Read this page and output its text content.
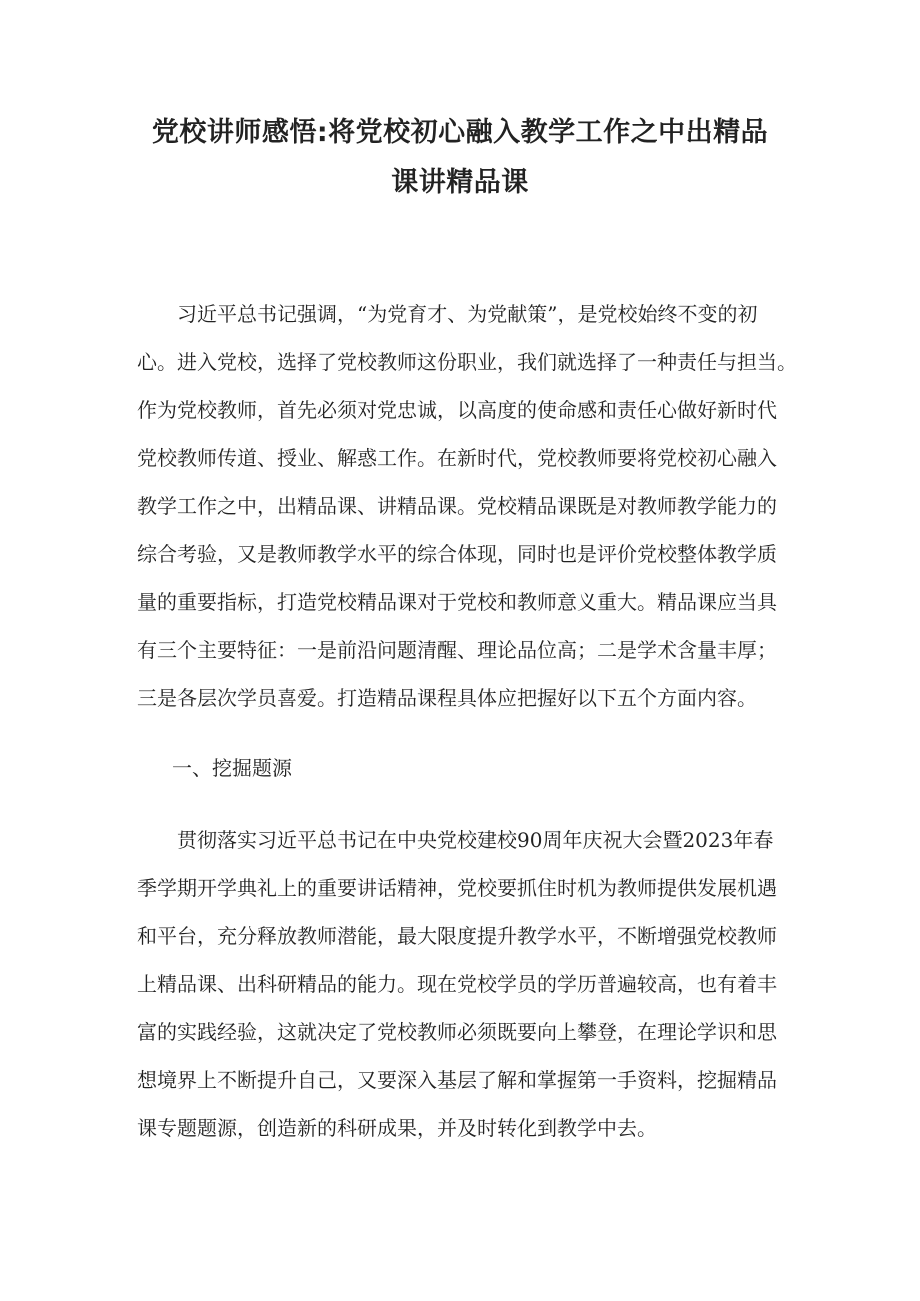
党校讲师感悟:将党校初心融入教学工作之中出精品
课讲精品课
　　习近平总书记强调，“为党育才、为党献策”，是党校始终不变的初
心。进入党校，选择了党校教师这份职业，我们就选择了一种责任与担当。
作为党校教师，首先必须对党忠诚，以高度的使命感和责任心做好新时代
党校教师传道、授业、解惑工作。在新时代，党校教师要将党校初心融入
教学工作之中，出精品课、讲精品课。党校精品课既是对教师教学能力的
综合考验，又是教师教学水平的综合体现，同时也是评价党校整体教学质
量的重要指标，打造党校精品课对于党校和教师意义重大。精品课应当具
有三个主要特征：一是前沿问题清醒、理论品位高；二是学术含量丰厚；
三是各层次学员喜爱。打造精品课程具体应把握好以下五个方面内容。
一、挖掘题源
　　贯彻落实习近平总书记在中央党校建校90周年庆祝大会暨2023年春
季学期开学典礼上的重要讲话精神，党校要抓住时机为教师提供发展机遇
和平台，充分释放教师潜能，最大限度提升教学水平，不断增强党校教师
上精品课、出科研精品的能力。现在党校学员的学历普遍较高，也有着丰
富的实践经验，这就决定了党校教师必须既要向上攀登，在理论学识和思
想境界上不断提升自己，又要深入基层了解和掌握第一手资料，挖掘精品
课专题题源，创造新的科研成果，并及时转化到教学中去。
